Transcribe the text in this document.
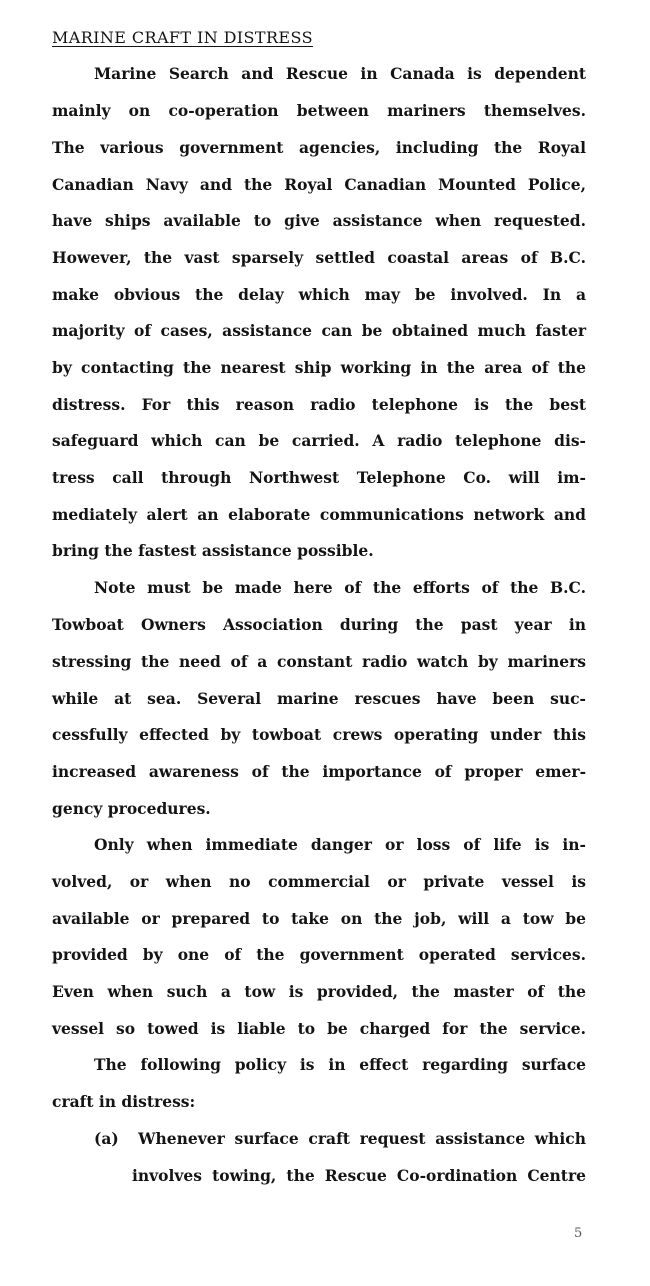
MARINE CRAFT IN DISTRESS
Marine Search and Rescue in Canada is dependent
mainly on co-operation between mariners themselves.
The various government agencies, including the Royal
Canadian Navy and the Royal Canadian Mounted Police,
have ships available to give assistance when requested.
However, the vast sparsely settled coastal areas of B.C.
make obvious the delay which may be involved. In a
majority of cases, assistance can be obtained much faster
by contacting the nearest ship working in the area of the
distress. For this reason radio telephone is the best
safeguard which can be carried. A radio telephone dis-
tress call through Northwest Telephone Co. will im-
mediately alert an elaborate communications network and
bring the fastest assistance possible.
Note must be made here of the efforts of the B.C.
Towboat Owners Association during the past year in
stressing the need of a constant radio watch by mariners
while at sea. Several marine rescues have been suc-
cessfully effected by towboat crews operating under this
increased awareness of the importance of proper emer-
gency procedures.
Only when immediate danger or loss of life is in-
volved, or when no commercial or private vessel is
available or prepared to take on the job, will a tow be
provided by one of the government operated services.
Even when such a tow is provided, the master of the
vessel so towed is liable to be charged for the service.
The following policy is in effect regarding surface
craft in distress:
(a)  Whenever surface craft request assistance which
involves towing, the Rescue Co-ordination Centre
5
